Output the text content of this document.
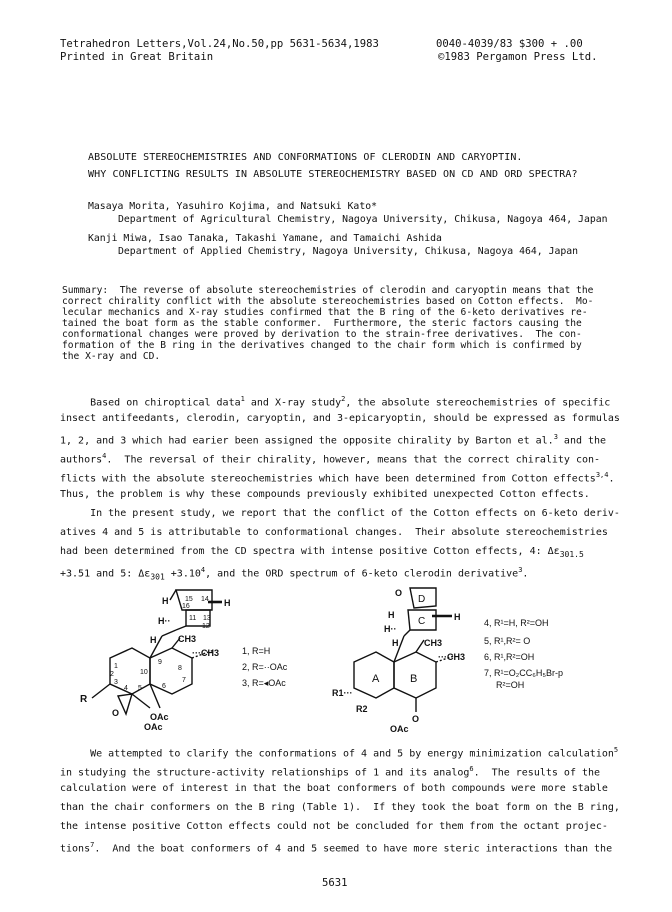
Tetrahedron Letters,Vol.24,No.50,pp 5631-5634,1983	0040-4039/83 $300 + .00
Printed in Great Britain	©1983 Pergamon Press Ltd.
ABSOLUTE STEREOCHEMISTRIES AND CONFORMATIONS OF CLERODIN AND CARYOPTIN.
WHY CONFLICTING RESULTS IN ABSOLUTE STEREOCHEMISTRY BASED ON CD AND ORD SPECTRA?
Masaya Morita, Yasuhiro Kojima, and Natsuki Kato*
Department of Agricultural Chemistry, Nagoya University, Chikusa, Nagoya 464, Japan
Kanji Miwa, Isao Tanaka, Takashi Yamane, and Tamaichi Ashida
Department of Applied Chemistry, Nagoya University, Chikusa, Nagoya 464, Japan
Summary:  The reverse of absolute stereochemistries of clerodin and caryoptin means that the
correct chirality conflict with the absolute stereochemistries based on Cotton effects.  Mo-
lecular mechanics and X-ray studies confirmed that the B ring of the 6-keto derivatives re-
tained the boat form as the stable conformer.  Furthermore, the steric factors causing the
conformational changes were proved by derivation to the strain-free derivatives.  The con-
formation of the B ring in the derivatives changed to the chair form which is confirmed by
the X-ray and CD.
Based on chiroptical data$^1$ and X-ray study$^2$, the absolute stereochemistries of specific
insect antifeedants, clerodin, caryoptin, and 3-epicaryoptin, should be expressed as formulas
1, 2, and 3 which had earier been assigned the opposite chirality by Barton et al.$^3$ and the
authors$^4$.  The reversal of their chirality, however, means that the correct chirality con-
flicts with the absolute stereochemistries which have been determined from Cotton effects$^{3,4}$.
Thus, the problem is why these compounds previously exhibited unexpected Cotton effects.
In the present study, we report that the conflict of the Cotton effects on 6-keto deriv-
atives 4 and 5 is attributable to conformational changes.  Their absolute stereochemistries
had been determined from the CD spectra with intense positive Cotton effects, 4: $\Delta\varepsilon_{301.5}$
+3.51 and 5: $\Delta\varepsilon_{301} +3.10^4$, and the ORD spectrum of 6-keto clerodin derivative$^3$.
15 14
16
13
11
12
H	H
H··
H CH3
···CH3
1
2
3
4 5	6
7
8
9
10
R
O	OAc
OAc
1, R=H
2, R=··OAc
3, R=◂OAc
O
D
C
A	B
H	H
H··
H	CH3
···CH3
R1···
R2
O
OAc
4, R¹=H, R²=OH
5, R¹,R²= O
6, R¹,R²=OH
7, R¹=O₂CC₆H₅Br-p
R²=OH
We attempted to clarify the conformations of 4 and 5 by energy minimization calculation$^5$
in studying the structure-activity relationships of 1 and its analog$^6$.  The results of the
calculation were of interest in that the boat conformers of both compounds were more stable
than the chair conformers on the B ring (Table 1).  If they took the boat form on the B ring,
the intense positive Cotton effects could not be concluded for them from the octant projec-
tions$^7$.  And the boat conformers of 4 and 5 seemed to have more steric interactions than the
5631
